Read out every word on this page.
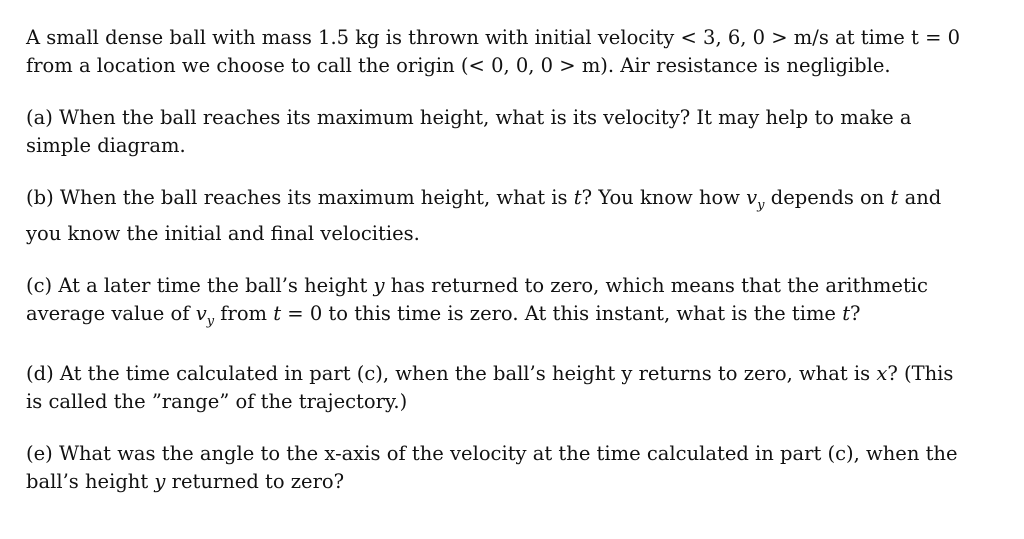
A small dense ball with mass 1.5 kg is thrown with initial velocity < 3, 6, 0 > m/s at time t = 0
from a location we choose to call the origin (< 0, 0, 0 > m). Air resistance is negligible.

(a) When the ball reaches its maximum height, what is its velocity? It may help to make a
simple diagram.

(b) When the ball reaches its maximum height, what is t? You know how $v_y$ depends on t and
you know the initial and final velocities.

(c) At a later time the ball’s height y has returned to zero, which means that the arithmetic
average value of $v_y$ from t = 0 to this time is zero. At this instant, what is the time t?

(d) At the time calculated in part (c), when the ball’s height y returns to zero, what is x? (This
is called the ”range” of the trajectory.)

(e) What was the angle to the x-axis of the velocity at the time calculated in part (c), when the
ball’s height y returned to zero?
